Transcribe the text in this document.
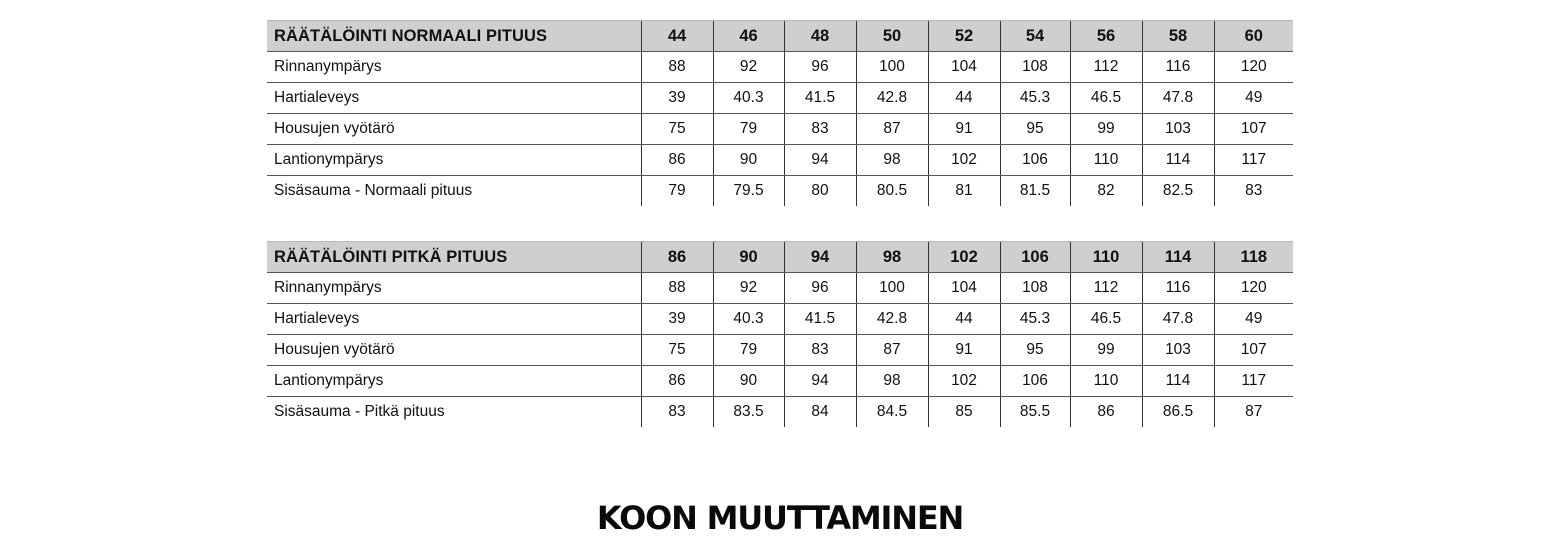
RÄÄTÄLÖINTI NORMAALI PITUUS	44	46	48	50	52	54	56	58	60
Rinnanympärys	88	92	96	100	104	108	112	116	120
Hartialeveys	39	40.3	41.5	42.8	44	45.3	46.5	47.8	49
Housujen vyötärö	75	79	83	87	91	95	99	103	107
Lantionympärys	86	90	94	98	102	106	110	114	117
Sisäsauma - Normaali pituus	79	79.5	80	80.5	81	81.5	82	82.5	83
RÄÄTÄLÖINTI PITKÄ PITUUS	86	90	94	98	102	106	110	114	118
Rinnanympärys	88	92	96	100	104	108	112	116	120
Hartialeveys	39	40.3	41.5	42.8	44	45.3	46.5	47.8	49
Housujen vyötärö	75	79	83	87	91	95	99	103	107
Lantionympärys	86	90	94	98	102	106	110	114	117
Sisäsauma - Pitkä pituus	83	83.5	84	84.5	85	85.5	86	86.5	87
KOON MUUTTAMINEN
